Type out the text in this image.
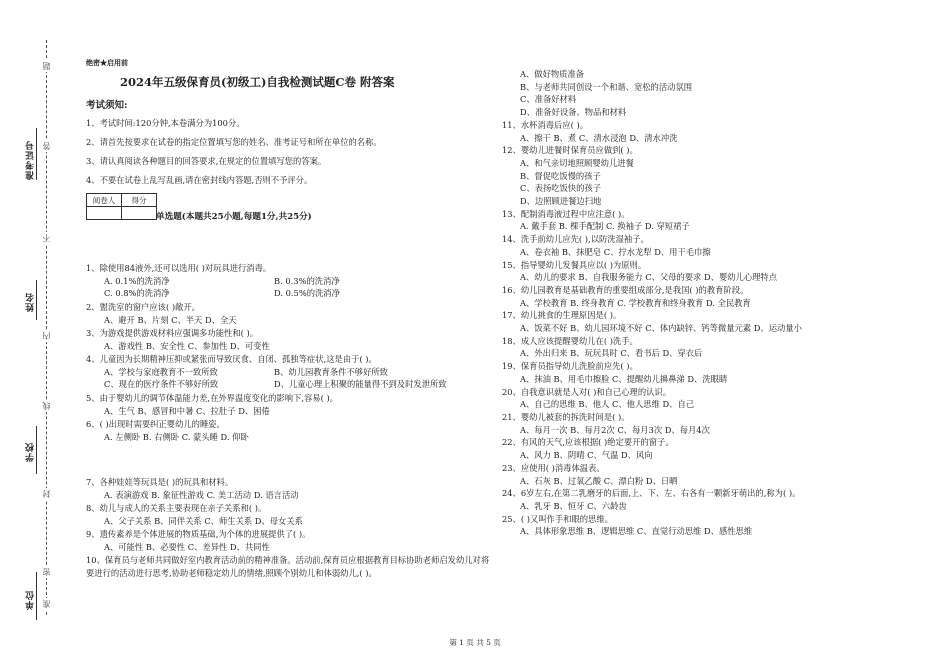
准考证号
姓名
学校
单位
题
答
不
内
线
封
密
准
绝密★启用前
2024年五级保育员(初级工)自我检测试题C卷 附答案
考试须知:
1、考试时间:120分钟,本卷满分为100分。
2、请首先按要求在试卷的指定位置填写您的姓名、准考证号和所在单位的名称。
3、请认真阅读各种题目的回答要求,在规定的位置填写您的答案。
4、不要在试卷上乱写乱画,请在密封线内答题,否则不予评分。
阅卷人	得分

单选题(本题共25小题,每题1分,共25分)
1、除使用84液外,还可以选用( )对玩具进行消毒。
A. 0.1%的洗消净	B. 0.3%的洗消净
C. 0.8%的洗消净	D. 0.5%的洗消净
2、盥洗室的窗户应该( )敞开。
A、避开 B、片刻 C、半天 D、全天
3、为游戏提供游戏材料应强调多功能性和( )。
A、游戏性 B、安全性 C、参加性 D、可变性
4、儿童因为长期精神压抑或紧张而导致厌食、自闭、孤独等症状,这是由于( )。
A、学校与家庭教育不一致所致	B、幼儿园教育条件不够好所致
C、现在的医疗条件不够好所致	D、儿童心理上积聚的能量得不到及时发泄所致
5、由于婴幼儿的调节体温能力差,在外界温度变化的影响下,容易( )。
A、生气 B、感冒和中暑 C、拉肚子 D、困倦
6、( )出现时需要纠正婴幼儿的睡姿。
A. 左侧卧 B. 右侧卧 C. 蒙头睡 D. 仰卧
7、各种娃娃等玩具是( )的玩具和材料。
A. 表演游戏 B. 象征性游戏 C. 美工活动 D. 语言活动
8、幼儿与成人的关系主要表现在亲子关系和( )。
A、父子关系 B、同伴关系 C、师生关系 D、母女关系
9、遗传素养是个体进展的物质基础,为个体的进展提供了( )。
A、可能性 B、必要性 C、差异性 D、共同性
10、保育员与老师共同做好室内教育活动前的精神准备。活动前,保育员应根据教育目标协助老师启发幼儿对将要进行的活动进行思考,协助老师稳定幼儿的情绪,照顾个别幼儿和体弱幼儿,( )。
A、做好物质准备
B、与老师共同创设一个和谐、宽松的活动氛围
C、准备好材料
D、准备好设备、物品和材料
11、水杯消毒后应( )。
A、擦干 B、煮 C、清水浸泡 D、清水冲洗
12、婴幼儿进餐时保育员应做到( )。
A、和气亲切地照顾婴幼儿进餐
B、督促吃饭慢的孩子
C、表扬吃饭快的孩子
D、边照顾进餐边扫地
13、配制消毒液过程中应注意( )。
A. 戴手套 B. 棵手配制 C. 换袖子 D. 穿短裙子
14、洗手前幼儿应先( ),以防洗湿袖子。
A、卷衣袖 B、抹肥皂 C、拧水龙犁 D、用干毛巾擦
15、指导婴幼儿发餐具应以( )为原则。
A、幼儿的要求 B、自我服务能力 C、父母的要求 D、婴幼儿心理特点
16、幼儿园教育是基础教育的重要组成部分,是我国( )的教育阶段。
A、学校教育 B. 终身教育 C. 学校教育和终身教育 D. 全民教育
17、幼儿挑食的生理原因是( )。
A、饭菜不好 B、幼儿园环境不好 C、体内缺锌、钙等微量元素 D、运动量小
18、成人应该提醒婴幼儿在( )洗手。
A、外出归来 B、玩玩具时 C、看书后 D、穿衣后
19、保育员指导幼儿洗脸前应先( )。
A、抹油 B、用毛巾擦脸 C、提醒幼儿擤鼻涕 D、洗眼睛
20、自我意识就是人对( )和自己心理的认识。
A、自己的思维 B、他人 C、他人思维 D、自己
21、婴幼儿被套的拆洗时间是( )。
A、每月一次 B、每月2次 C、每月3次 D、每月4次
22、有风的天气,应该根据( )绝定要开的窗子。
A、风力 B、阴晴 C、气温 D、风向
23、应使用( )消毒体温表。
A、石灰 B、过氧乙酸 C、漂白粉 D、日晒
24、6岁左右,在第二乳磨牙的后面,上、下、左、右各有一颗新牙萌出的,称为( )。
A、乳牙 B、恒牙 C、六龄齿
25、( )又叫作手和眼的思维。
A、具体形象思维 B、逻辑思维 C、直觉行动思维 D、感性思维
第 1 页 共 5 页
